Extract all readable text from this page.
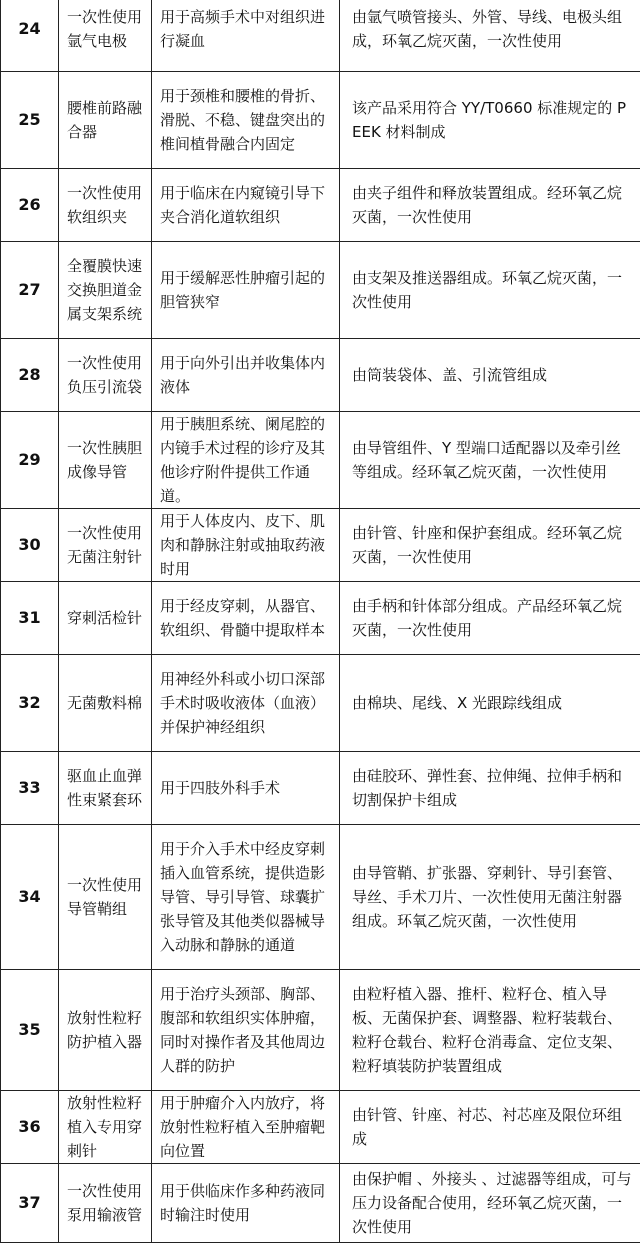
24	一次性使用氩气电极	用于高频手术中对组织进行凝血	由氩气喷管接头、外管、导线、电极头组成，环氧乙烷灭菌，一次性使用
25	腰椎前路融合器	用于颈椎和腰椎的骨折、滑脱、不稳、键盘突出的椎间植骨融合内固定	该产品采用符合 YY/T0660 标准规定的 PEEK 材料制成
26	一次性使用软组织夹	用于临床在内窥镜引导下夹合消化道软组织	由夹子组件和释放装置组成。经环氧乙烷灭菌，一次性使用
27	全覆膜快速交换胆道金属支架系统	用于缓解恶性肿瘤引起的胆管狭窄	由支架及推送器组成。环氧乙烷灭菌，一次性使用
28	一次性使用负压引流袋	用于向外引出并收集体内液体	由筒装袋体、盖、引流管组成
29	一次性胰胆成像导管	用于胰胆系统、阑尾腔的内镜手术过程的诊疗及其他诊疗附件提供工作通道。	由导管组件、Y 型端口适配器以及牵引丝等组成。经环氧乙烷灭菌，一次性使用
30	一次性使用无菌注射针	用于人体皮内、皮下、肌肉和静脉注射或抽取药液时用	由针管、针座和保护套组成。经环氧乙烷灭菌，一次性使用
31	穿刺活检针	用于经皮穿刺，从器官、软组织、骨髓中提取样本	由手柄和针体部分组成。产品经环氧乙烷灭菌，一次性使用
32	无菌敷料棉	用神经外科或小切口深部手术时吸收液体（血液）并保护神经组织	由棉块、尾线、X 光跟踪线组成
33	驱血止血弹性束紧套环	用于四肢外科手术	由硅胶环、弹性套、拉伸绳、拉伸手柄和切割保护卡组成
34	一次性使用导管鞘组	用于介入手术中经皮穿刺插入血管系统，提供造影导管、导引导管、球囊扩张导管及其他类似器械导入动脉和静脉的通道	由导管鞘、扩张器、穿刺针、导引套管、导丝、手术刀片、一次性使用无菌注射器组成。环氧乙烷灭菌，一次性使用
35	放射性粒籽防护植入器	用于治疗头颈部、胸部、腹部和软组织实体肿瘤，同时对操作者及其他周边人群的防护	由粒籽植入器、推杆、粒籽仓、植入导板、无菌保护套、调整器、粒籽装载台、粒籽仓载台、粒籽仓消毒盒、定位支架、粒籽填装防护装置组成
36	放射性粒籽植入专用穿刺针	用于肿瘤介入内放疗，将放射性粒籽植入至肿瘤靶向位置	由针管、针座、衬芯、衬芯座及限位环组成
37	一次性使用泵用输液管	用于供临床作多种药液同时输注时使用	由保护帽 、外接头 、过滤器等组成，可与压力设备配合使用，经环氧乙烷灭菌，一次性使用
